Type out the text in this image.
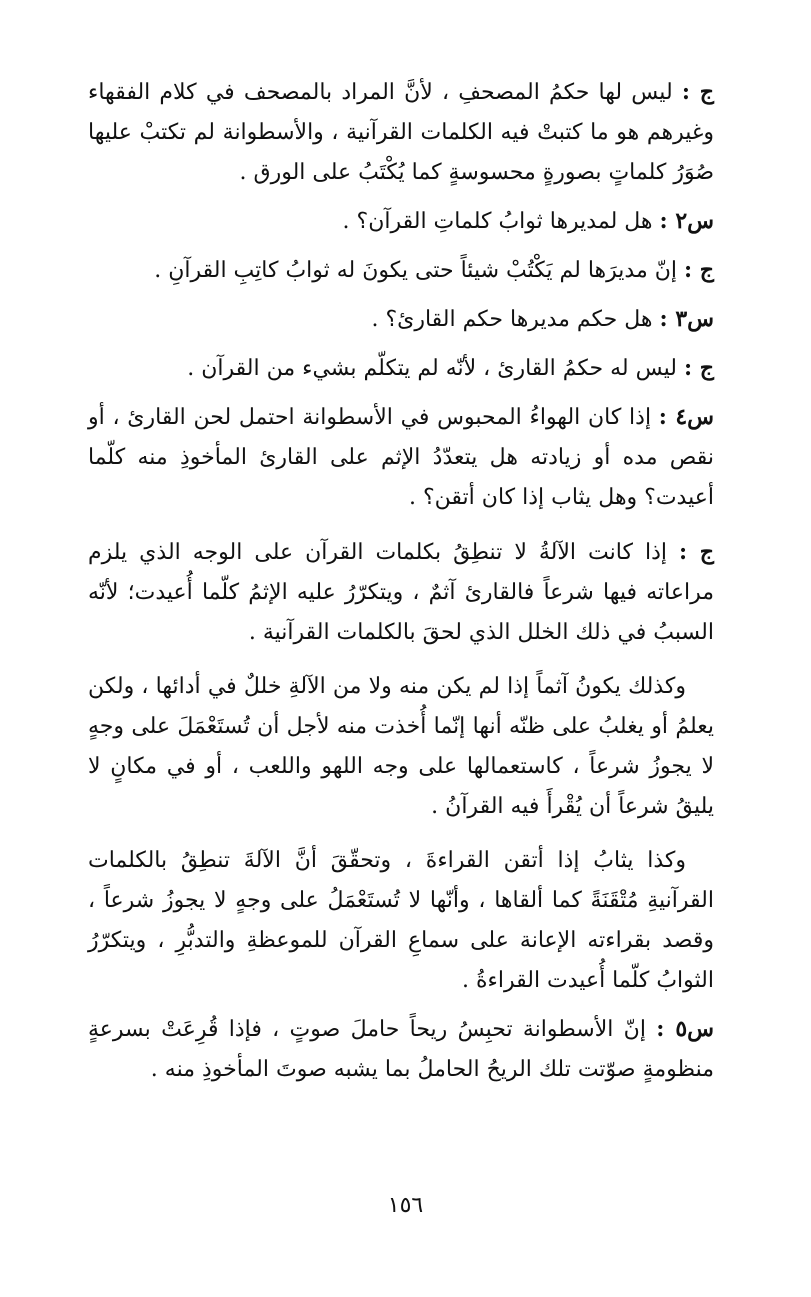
ج : ليس لها حكمُ المصحفِ ، لأنَّ المراد بالمصحف في كلام الفقهاء وغيرهم هو ما كتبتْ فيه الكلمات القرآنية ، والأسطوانة لم تكتبْ عليها صُوَرُ كلماتٍ بصورةٍ محسوسةٍ كما يُكْتَبُ على الورق .

س٢ : هل لمديرها ثوابُ كلماتِ القرآن؟ .

ج : إنّ مديرَها لم يَكْتُبْ شيئاً حتى يكونَ له ثوابُ كاتِبِ القرآنِ .

س٣ : هل حكم مديرها حكم القارئ؟ .

ج : ليس له حكمُ القارئ ، لأنّه لم يتكلّم بشيء من القرآن .

س٤ : إذا كان الهواءُ المحبوس في الأسطوانة احتمل لحن القارئ ، أو نقص مده أو زيادته هل يتعدّدُ الإثم على القارئ المأخوذِ منه كلّما أعيدت؟ وهل يثاب إذا كان أتقن؟ .

ج : إذا كانت الآلةُ لا تنطِقُ بكلمات القرآن على الوجه الذي يلزم مراعاته فيها شرعاً فالقارئ آثمٌ ، ويتكرّرُ عليه الإثمُ كلّما أُعيدت؛ لأنّه السببُ في ذلك الخلل الذي لحقَ بالكلمات القرآنية .

وكذلك يكونُ آثماً إذا لم يكن منه ولا من الآلةِ خللٌ في أدائها ، ولكن يعلمُ أو يغلبُ على ظنّه أنها إنّما أُخذت منه لأجل أن تُستَعْمَلَ على وجهٍ لا يجوزُ شرعاً ، كاستعمالها على وجه اللهو واللعب ، أو في مكانٍ لا يليقُ شرعاً أن يُقْرأَ فيه القرآنُ .

وكذا يثابُ إذا أتقن القراءةَ ، وتحقّقَ أنَّ الآلةَ تنطِقُ بالكلمات القرآنيةِ مُتْقَنَةً كما ألقاها ، وأنّها لا تُستَعْمَلُ على وجهٍ لا يجوزُ شرعاً ، وقصد بقراءته الإعانة على سماعِ القرآن للموعظةِ والتدبُّرِ ، ويتكرّرُ الثوابُ كلّما أُعيدت القراءةُ .

س٥ : إنّ الأسطوانة تحبِسُ ريحاً حاملَ صوتٍ ، فإذا قُرِعَتْ بسرعةٍ منظومةٍ صوّتت تلك الريحُ الحاملُ بما يشبه صوتَ المأخوذِ منه .

١٥٦
